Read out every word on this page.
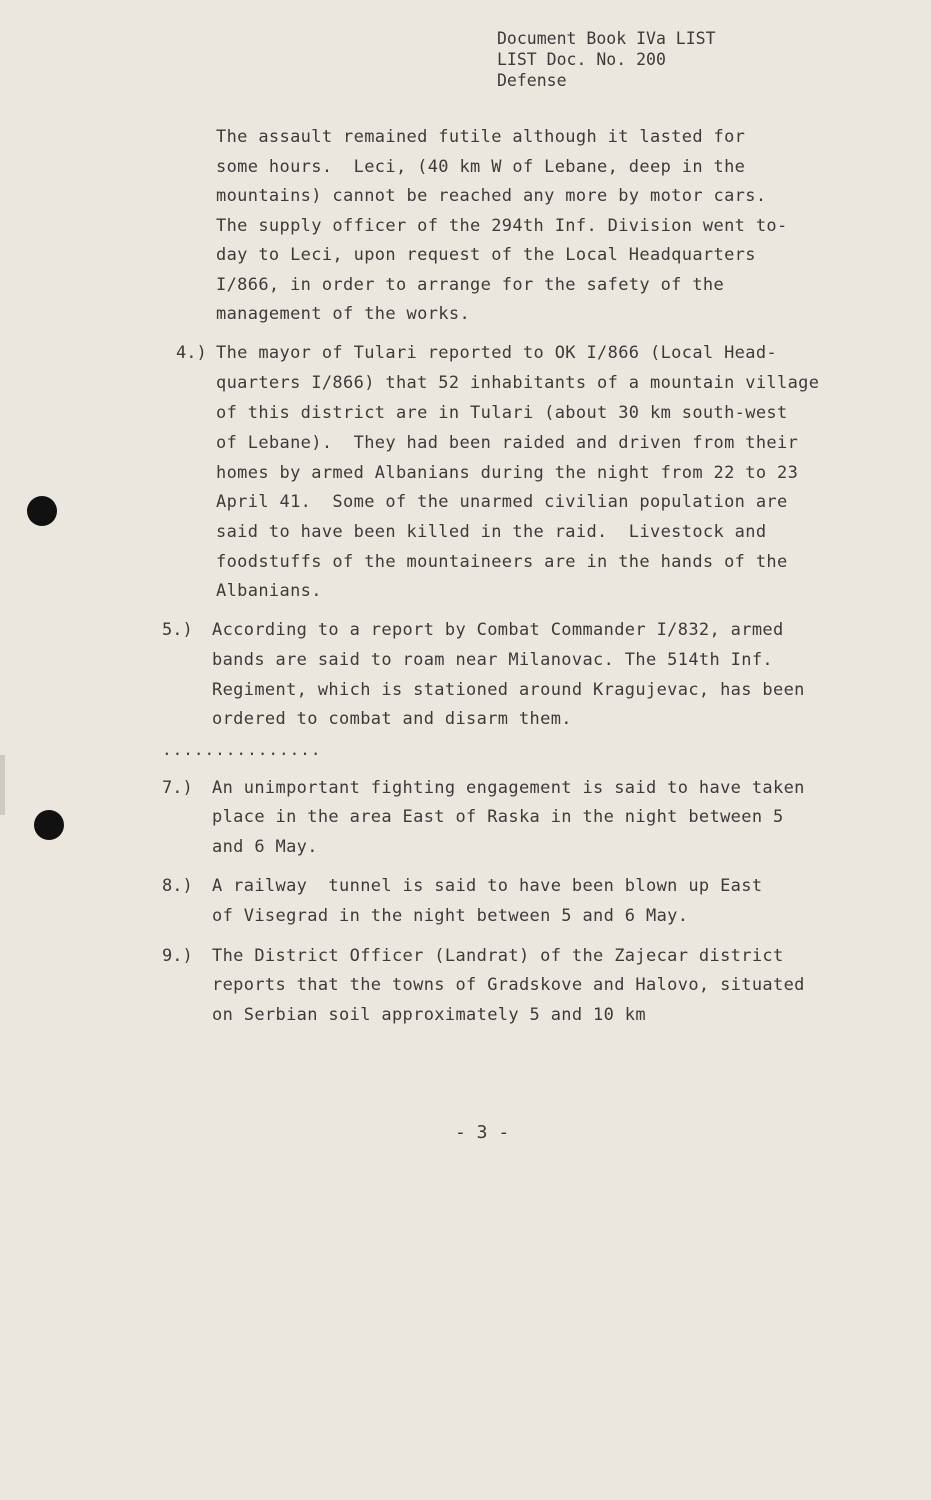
Document Book IVa LIST
LIST Doc. No. 200
Defense
The assault remained futile although it lasted for
some hours.  Leci, (40 km W of Lebane, deep in the
mountains) cannot be reached any more by motor cars.
The supply officer of the 294th Inf. Division went to-
day to Leci, upon request of the Local Headquarters
I/866, in order to arrange for the safety of the
management of the works.
4.) The mayor of Tulari reported to OK I/866 (Local Head-
quarters I/866) that 52 inhabitants of a mountain village
of this district are in Tulari (about 30 km south-west
of Lebane).  They had been raided and driven from their
homes by armed Albanians during the night from 22 to 23
April 41.  Some of the unarmed civilian population are
said to have been killed in the raid.  Livestock and
foodstuffs of the mountaineers are in the hands of the
Albanians.
5.) According to a report by Combat Commander I/832, armed
bands are said to roam near Milanovac. The 514th Inf.
Regiment, which is stationed around Kragujevac, has been
ordered to combat and disarm them.
...............
7.) An unimportant fighting engagement is said to have taken
place in the area East of Raska in the night between 5
and 6 May.
8.) A railway  tunnel is said to have been blown up East
of Visegrad in the night between 5 and 6 May.
9.) The District Officer (Landrat) of the Zajecar district
reports that the towns of Gradskove and Halovo, situated
on Serbian soil approximately 5 and 10 km
- 3 -
